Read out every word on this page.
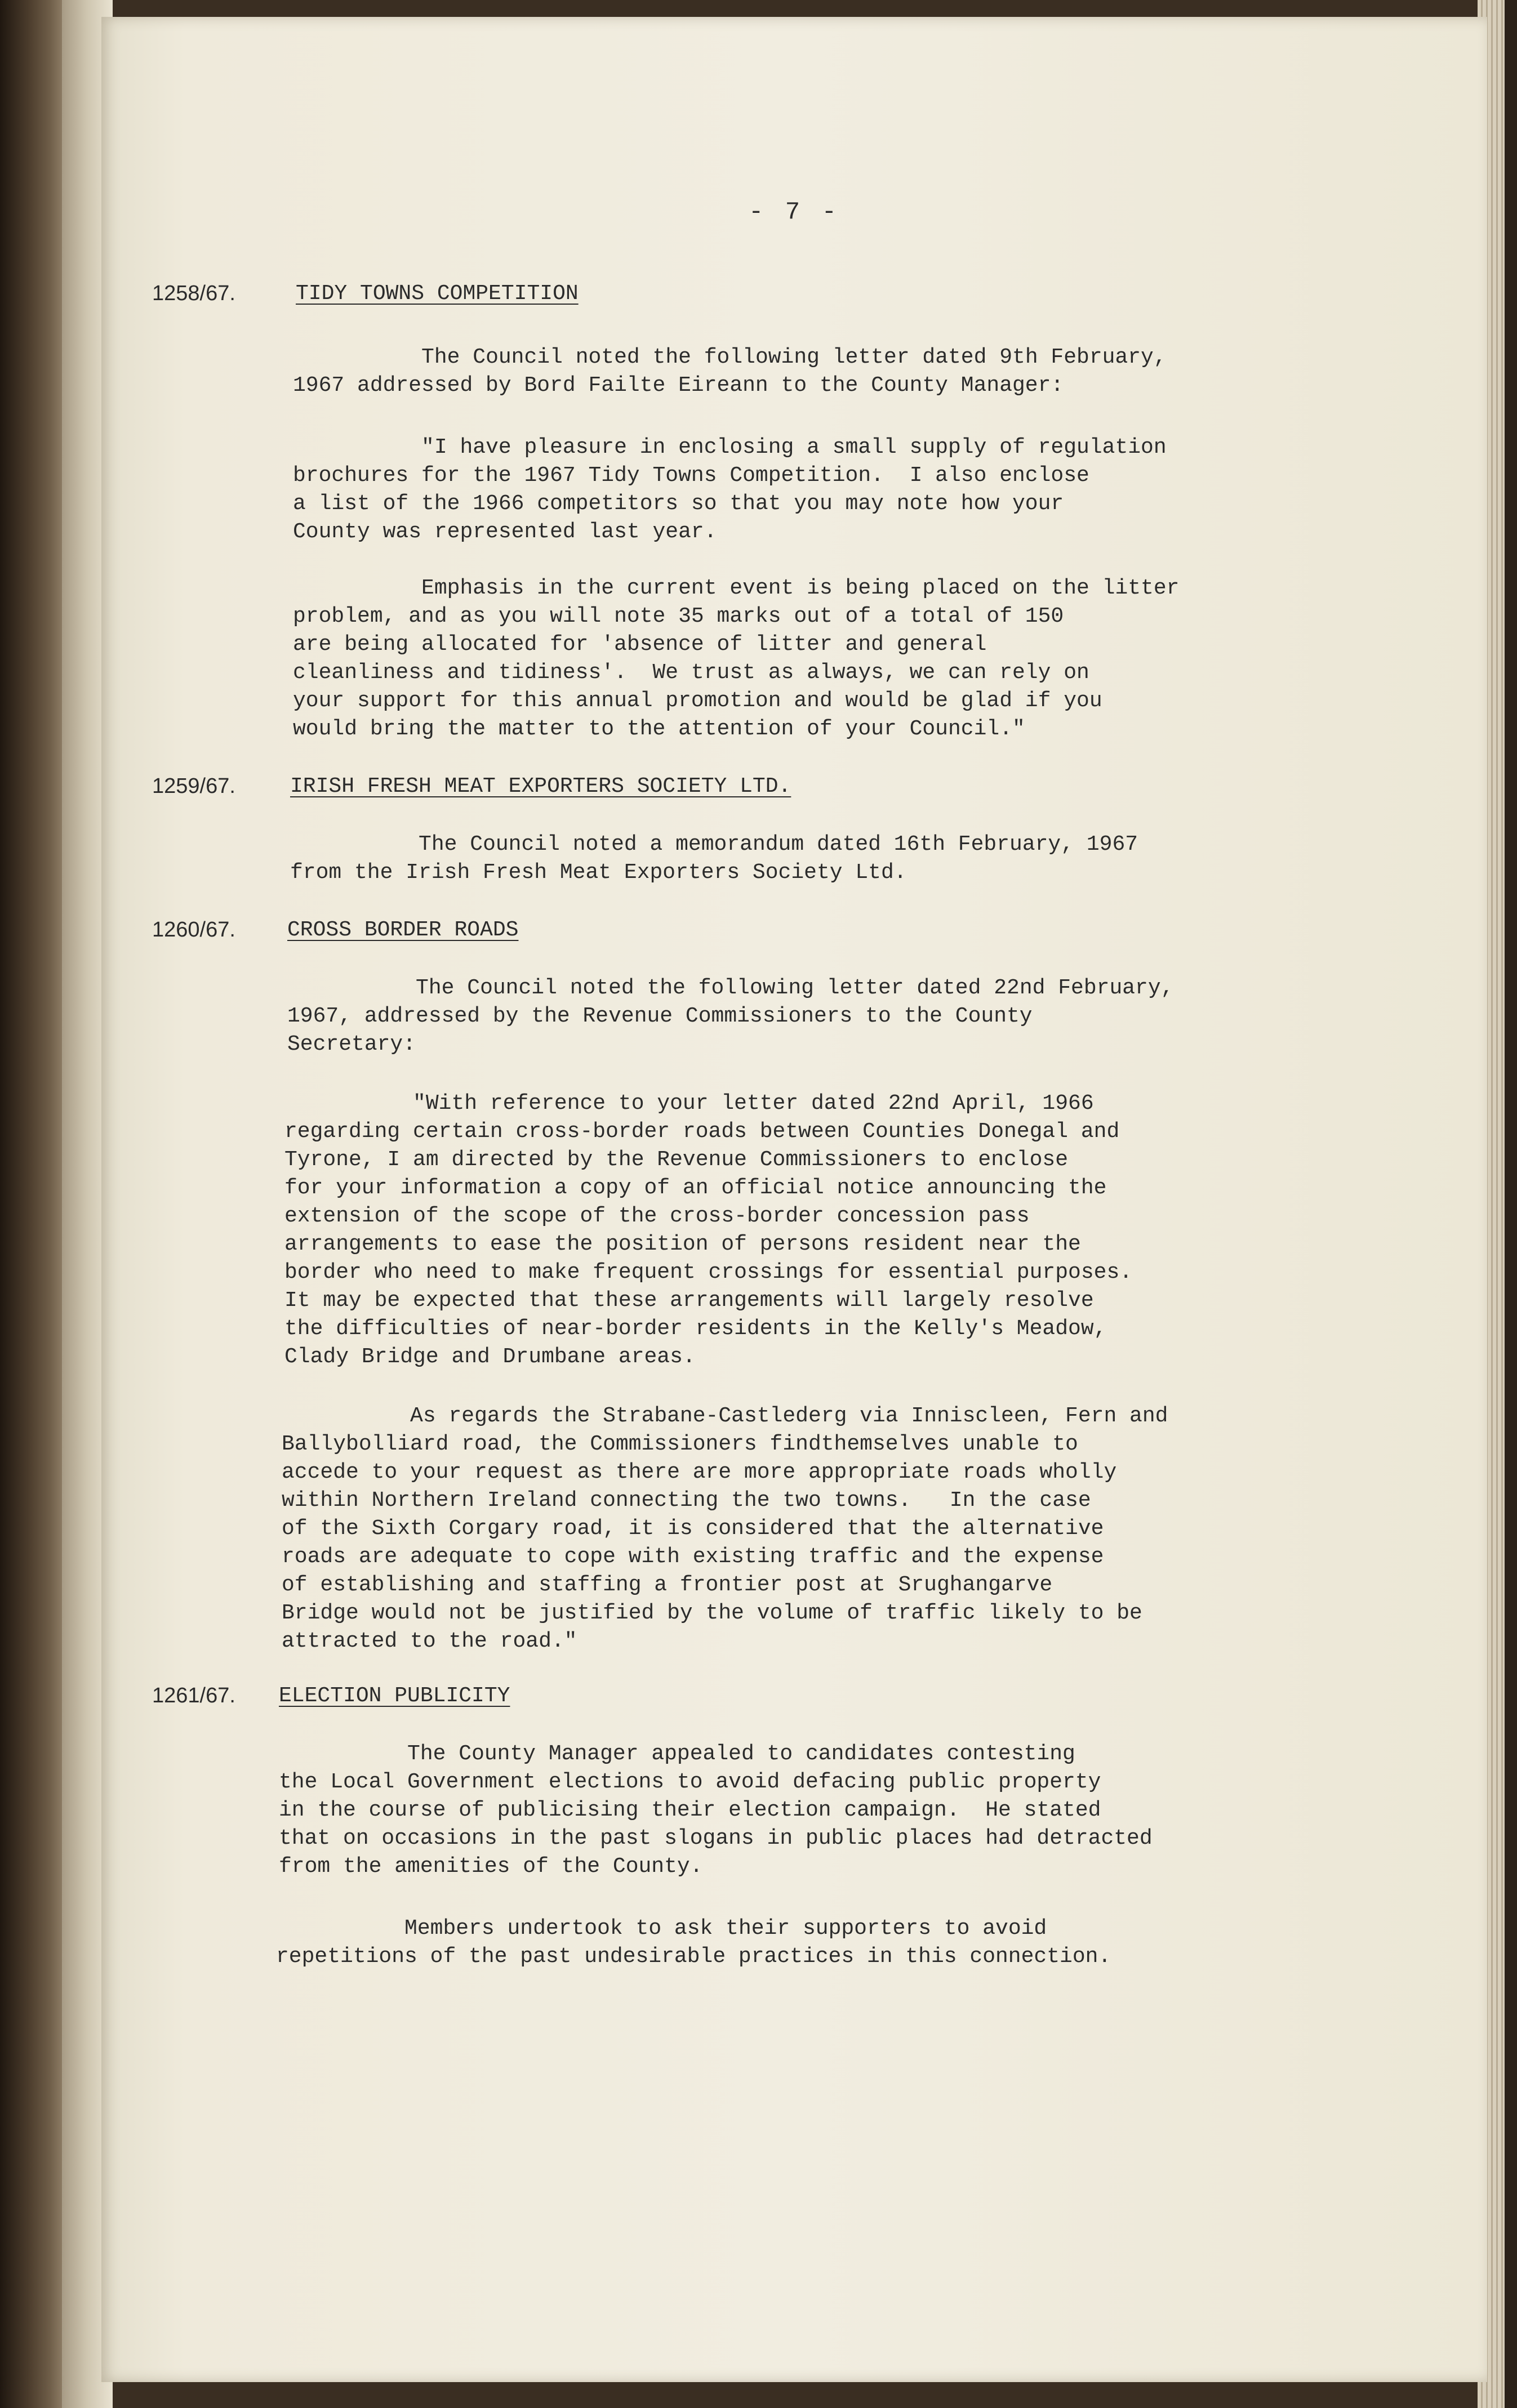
- 7 -
1258/67.	TIDY TOWNS COMPETITION
The Council noted the following letter dated 9th February,
1967 addressed by Bord Failte Eireann to the County Manager:
"I have pleasure in enclosing a small supply of regulation
brochures for the 1967 Tidy Towns Competition.  I also enclose
a list of the 1966 competitors so that you may note how your
County was represented last year.
Emphasis in the current event is being placed on the litter
problem, and as you will note 35 marks out of a total of 150
are being allocated for 'absence of litter and general
cleanliness and tidiness'.  We trust as always, we can rely on
your support for this annual promotion and would be glad if you
would bring the matter to the attention of your Council."
1259/67.	IRISH FRESH MEAT EXPORTERS SOCIETY LTD.
The Council noted a memorandum dated 16th February, 1967
from the Irish Fresh Meat Exporters Society Ltd.
1260/67. CROSS BORDER ROADS
The Council noted the following letter dated 22nd February,
1967, addressed by the Revenue Commissioners to the County
Secretary:
"With reference to your letter dated 22nd April, 1966
regarding certain cross-border roads between Counties Donegal and
Tyrone, I am directed by the Revenue Commissioners to enclose
for your information a copy of an official notice announcing the
extension of the scope of the cross-border concession pass
arrangements to ease the position of persons resident near the
border who need to make frequent crossings for essential purposes.
It may be expected that these arrangements will largely resolve
the difficulties of near-border residents in the Kelly's Meadow,
Clady Bridge and Drumbane areas.
As regards the Strabane-Castlederg via Inniscleen, Fern and
Ballybolliard road, the Commissioners findthemselves unable to
accede to your request as there are more appropriate roads wholly
within Northern Ireland connecting the two towns.   In the case
of the Sixth Corgary road, it is considered that the alternative
roads are adequate to cope with existing traffic and the expense
of establishing and staffing a frontier post at Srughangarve
Bridge would not be justified by the volume of traffic likely to be
attracted to the road."
1261/67. ELECTION PUBLICITY
The County Manager appealed to candidates contesting
the Local Government elections to avoid defacing public property
in the course of publicising their election campaign.  He stated
that on occasions in the past slogans in public places had detracted
from the amenities of the County.
Members undertook to ask their supporters to avoid
repetitions of the past undesirable practices in this connection.
